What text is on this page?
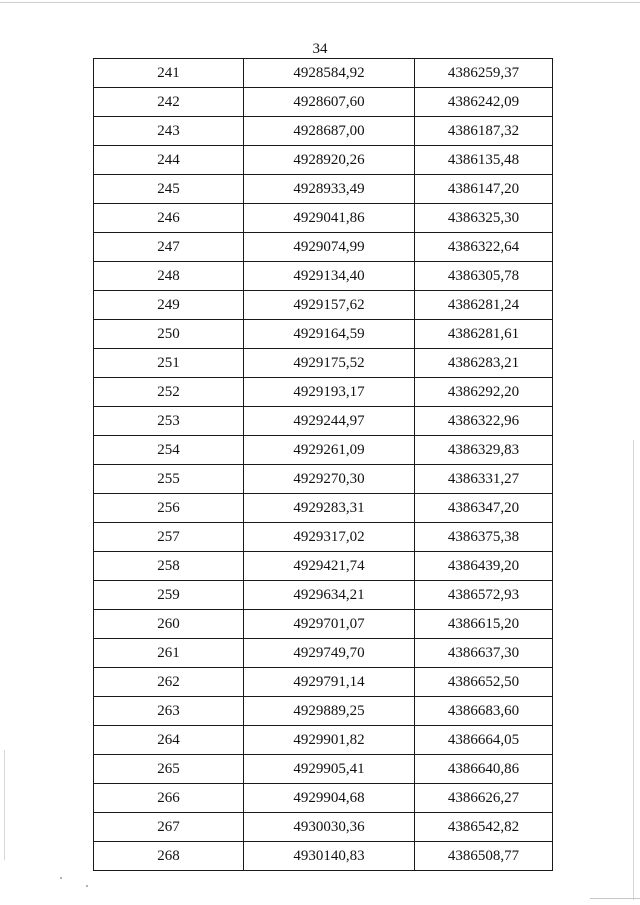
34
241	4928584,92	4386259,37
242	4928607,60	4386242,09
243	4928687,00	4386187,32
244	4928920,26	4386135,48
245	4928933,49	4386147,20
246	4929041,86	4386325,30
247	4929074,99	4386322,64
248	4929134,40	4386305,78
249	4929157,62	4386281,24
250	4929164,59	4386281,61
251	4929175,52	4386283,21
252	4929193,17	4386292,20
253	4929244,97	4386322,96
254	4929261,09	4386329,83
255	4929270,30	4386331,27
256	4929283,31	4386347,20
257	4929317,02	4386375,38
258	4929421,74	4386439,20
259	4929634,21	4386572,93
260	4929701,07	4386615,20
261	4929749,70	4386637,30
262	4929791,14	4386652,50
263	4929889,25	4386683,60
264	4929901,82	4386664,05
265	4929905,41	4386640,86
266	4929904,68	4386626,27
267	4930030,36	4386542,82
268	4930140,83	4386508,77
